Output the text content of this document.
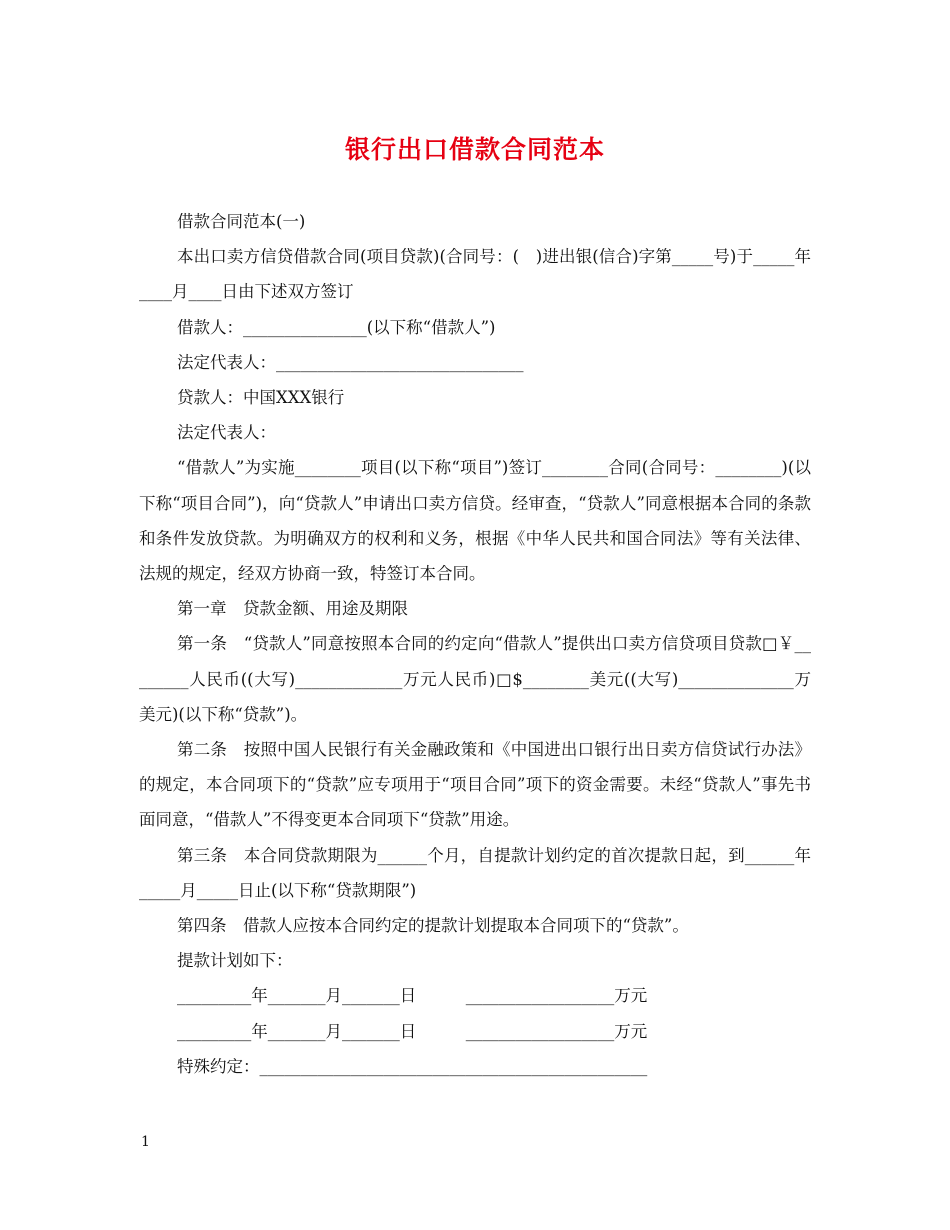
银行出口借款合同范本

借款合同范本(一)

本出口卖方信贷借款合同(项目贷款)(合同号：(　)进出银(信合)字第_____号)于_____年____月____日由下述双方签订

借款人：_______________(以下称“借款人”)

法定代表人：______________________________

贷款人：中国XXX银行

法定代表人：

“借款人”为实施________项目(以下称“项目”)签订________合同(合同号：________)(以下称“项目合同”)，向“贷款人”申请出口卖方信贷。经审查，“贷款人”同意根据本合同的条款和条件发放贷款。为明确双方的权利和义务，根据《中华人民共和国合同法》等有关法律、法规的规定，经双方协商一致，特签订本合同。

第一章　贷款金额、用途及期限

第一条　“贷款人”同意按照本合同的约定向“借款人”提供出口卖方信贷项目贷款□￥________人民币((大写)_____________万元人民币)□$________美元((大写)______________万美元)(以下称“贷款”)。

第二条　按照中国人民银行有关金融政策和《中国进出口银行出日卖方信贷试行办法》的规定，本合同项下的“贷款”应专项用于“项目合同”项下的资金需要。未经“贷款人”事先书面同意，“借款人”不得变更本合同项下“贷款”用途。

第三条　本合同贷款期限为______个月，自提款计划约定的首次提款日起，到______年_____月_____日止(以下称“贷款期限”)

第四条　借款人应按本合同约定的提款计划提取本合同项下的“贷款”。

提款计划如下：

_________年_______月_______日　　　__________________万元

_________年_______月_______日　　　__________________万元

特殊约定：_______________________________________________

1
